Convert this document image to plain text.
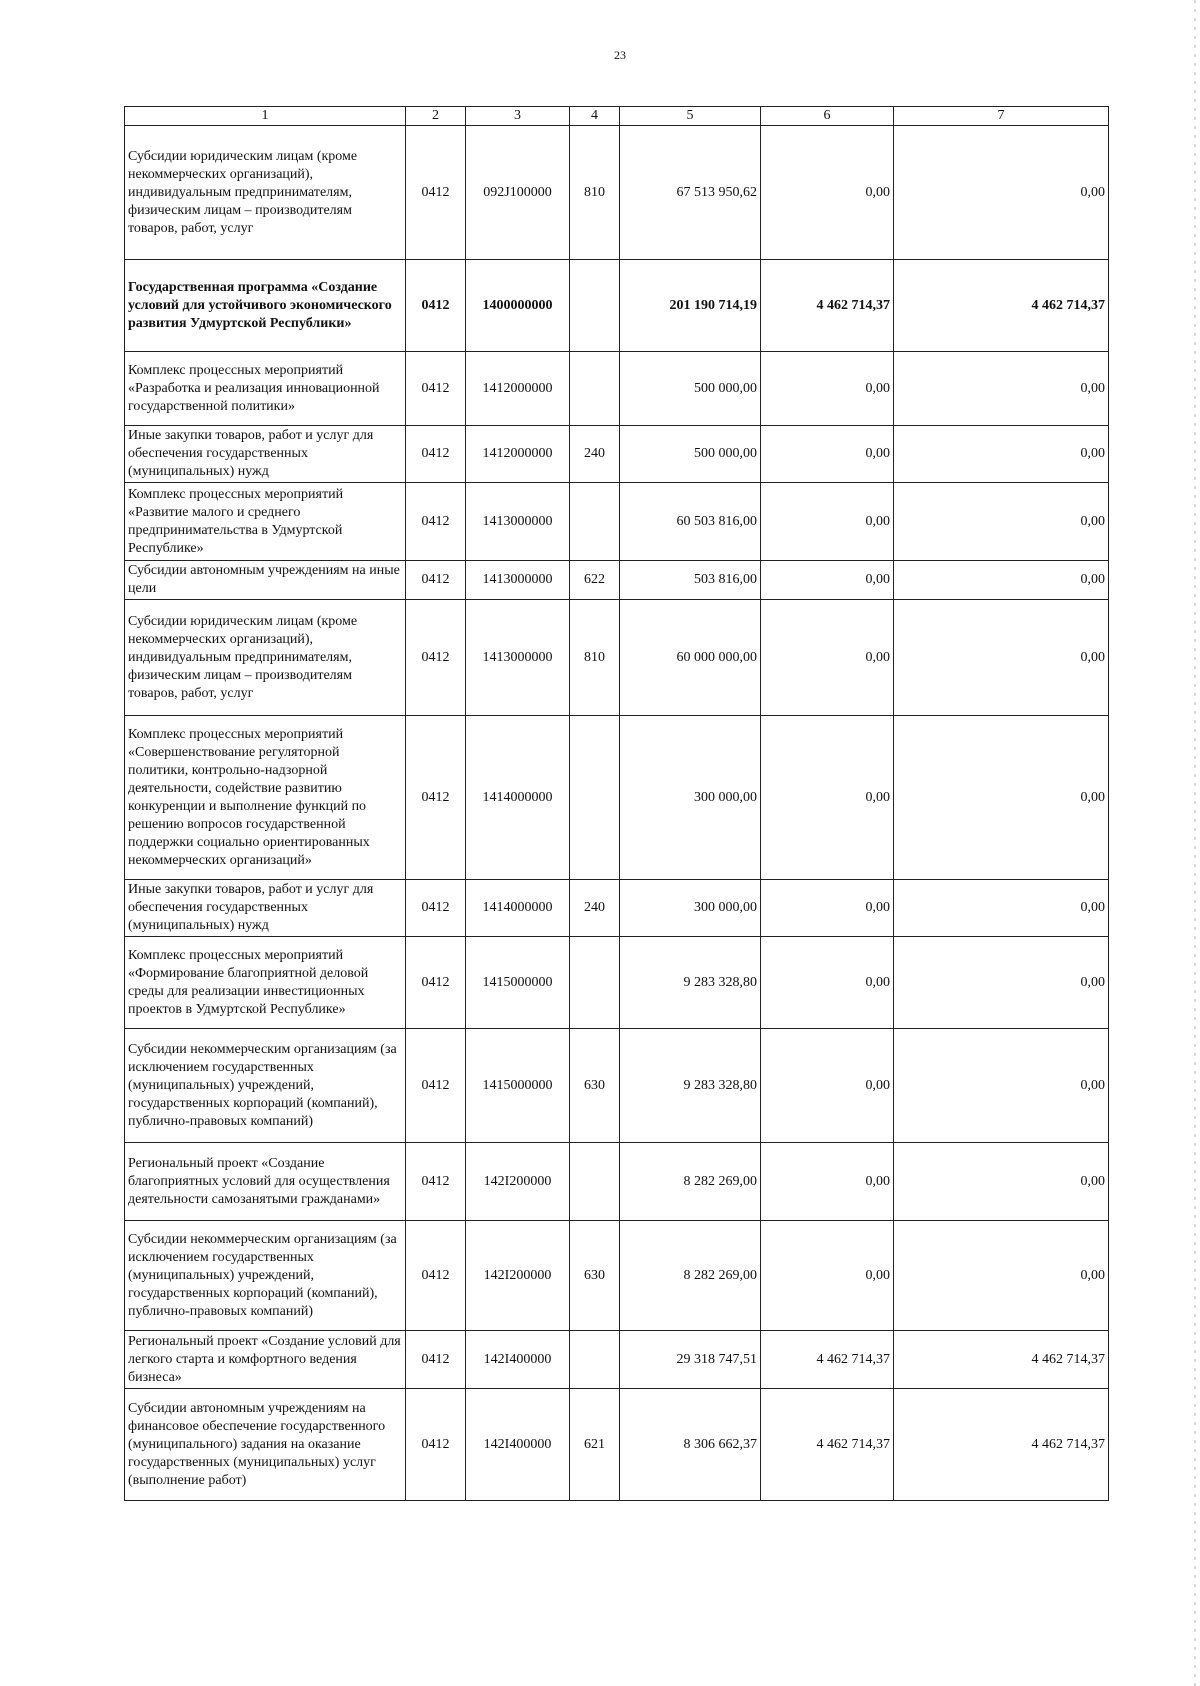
23
1	2	3	4	5	6	7
Субсидии юридическим лицам (кроме некоммерческих организаций), индивидуальным предпринимателям, физическим лицам – производителям товаров, работ, услуг	0412	092J100000	810	67 513 950,62	0,00	0,00
Государственная программа «Создание условий для устойчивого экономического развития Удмуртской Республики»	0412	1400000000		201 190 714,19	4 462 714,37	4 462 714,37
Комплекс процессных мероприятий «Разработка и реализация инновационной государственной политики»	0412	1412000000		500 000,00	0,00	0,00
Иные закупки товаров, работ и услуг для обеспечения государственных (муниципальных) нужд	0412	1412000000	240	500 000,00	0,00	0,00
Комплекс процессных мероприятий «Развитие малого и среднего предпринимательства в Удмуртской Республике»	0412	1413000000		60 503 816,00	0,00	0,00
Субсидии автономным учреждениям на иные цели	0412	1413000000	622	503 816,00	0,00	0,00
Субсидии юридическим лицам (кроме некоммерческих организаций), индивидуальным предпринимателям, физическим лицам – производителям товаров, работ, услуг	0412	1413000000	810	60 000 000,00	0,00	0,00
Комплекс процессных мероприятий «Совершенствование регуляторной политики, контрольно-надзорной деятельности, содействие развитию конкуренции и выполнение функций по решению вопросов государственной поддержки социально ориентированных некоммерческих организаций»	0412	1414000000		300 000,00	0,00	0,00
Иные закупки товаров, работ и услуг для обеспечения государственных (муниципальных) нужд	0412	1414000000	240	300 000,00	0,00	0,00
Комплекс процессных мероприятий «Формирование благоприятной деловой среды для реализации инвестиционных проектов в Удмуртской Республике»	0412	1415000000		9 283 328,80	0,00	0,00
Субсидии некоммерческим организациям (за исключением государственных (муниципальных) учреждений, государственных корпораций (компаний), публично-правовых компаний)	0412	1415000000	630	9 283 328,80	0,00	0,00
Региональный проект «Создание благоприятных условий для осуществления деятельности самозанятыми гражданами»	0412	142I200000		8 282 269,00	0,00	0,00
Субсидии некоммерческим организациям (за исключением государственных (муниципальных) учреждений, государственных корпораций (компаний), публично-правовых компаний)	0412	142I200000	630	8 282 269,00	0,00	0,00
Региональный проект «Создание условий для легкого старта и комфортного ведения бизнеса»	0412	142I400000		29 318 747,51	4 462 714,37	4 462 714,37
Субсидии автономным учреждениям на финансовое обеспечение государственного (муниципального) задания на оказание государственных (муниципальных) услуг (выполнение работ)	0412	142I400000	621	8 306 662,37	4 462 714,37	4 462 714,37
